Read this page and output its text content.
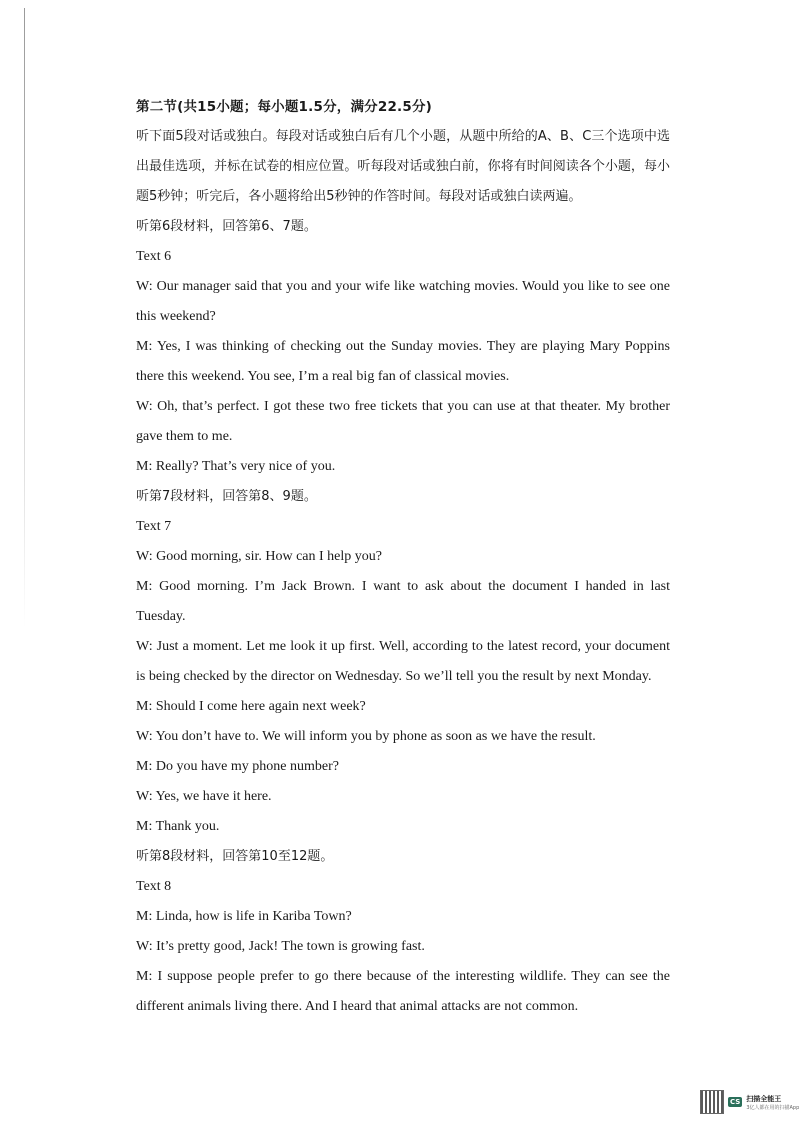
第二节(共15小题；每小题1.5分，满分22.5分)

听下面5段对话或独白。每段对话或独白后有几个小题，从题中所给的A、B、C三个选项中选出最佳选项，并标在试卷的相应位置。听每段对话或独白前，你将有时间阅读各个小题，每小题5秒钟；听完后，各小题将给出5秒钟的作答时间。每段对话或独白读两遍。

听第6段材料，回答第6、7题。

Text 6

W: Our manager said that you and your wife like watching movies. Would you like to see one this weekend?

M: Yes, I was thinking of checking out the Sunday movies. They are playing Mary Poppins there this weekend. You see, I’m a real big fan of classical movies.

W: Oh, that’s perfect. I got these two free tickets that you can use at that theater. My brother gave them to me.

M: Really? That’s very nice of you.

听第7段材料，回答第8、9题。

Text 7

W: Good morning, sir. How can I help you?

M: Good morning. I’m Jack Brown. I want to ask about the document I handed in last Tuesday.

W: Just a moment. Let me look it up first. Well, according to the latest record, your document is being checked by the director on Wednesday. So we’ll tell you the result by next Monday.

M: Should I come here again next week?

W: You don’t have to. We will inform you by phone as soon as we have the result.

M: Do you have my phone number?

W: Yes, we have it here.

M: Thank you.

听第8段材料，回答第10至12题。

Text 8

M: Linda, how is life in Kariba Town?

W: It’s pretty good, Jack! The town is growing fast.

M: I suppose people prefer to go there because of the interesting wildlife. They can see the different animals living there. And I heard that animal attacks are not common.

CS 扫描全能王
3亿人都在用的扫描App
